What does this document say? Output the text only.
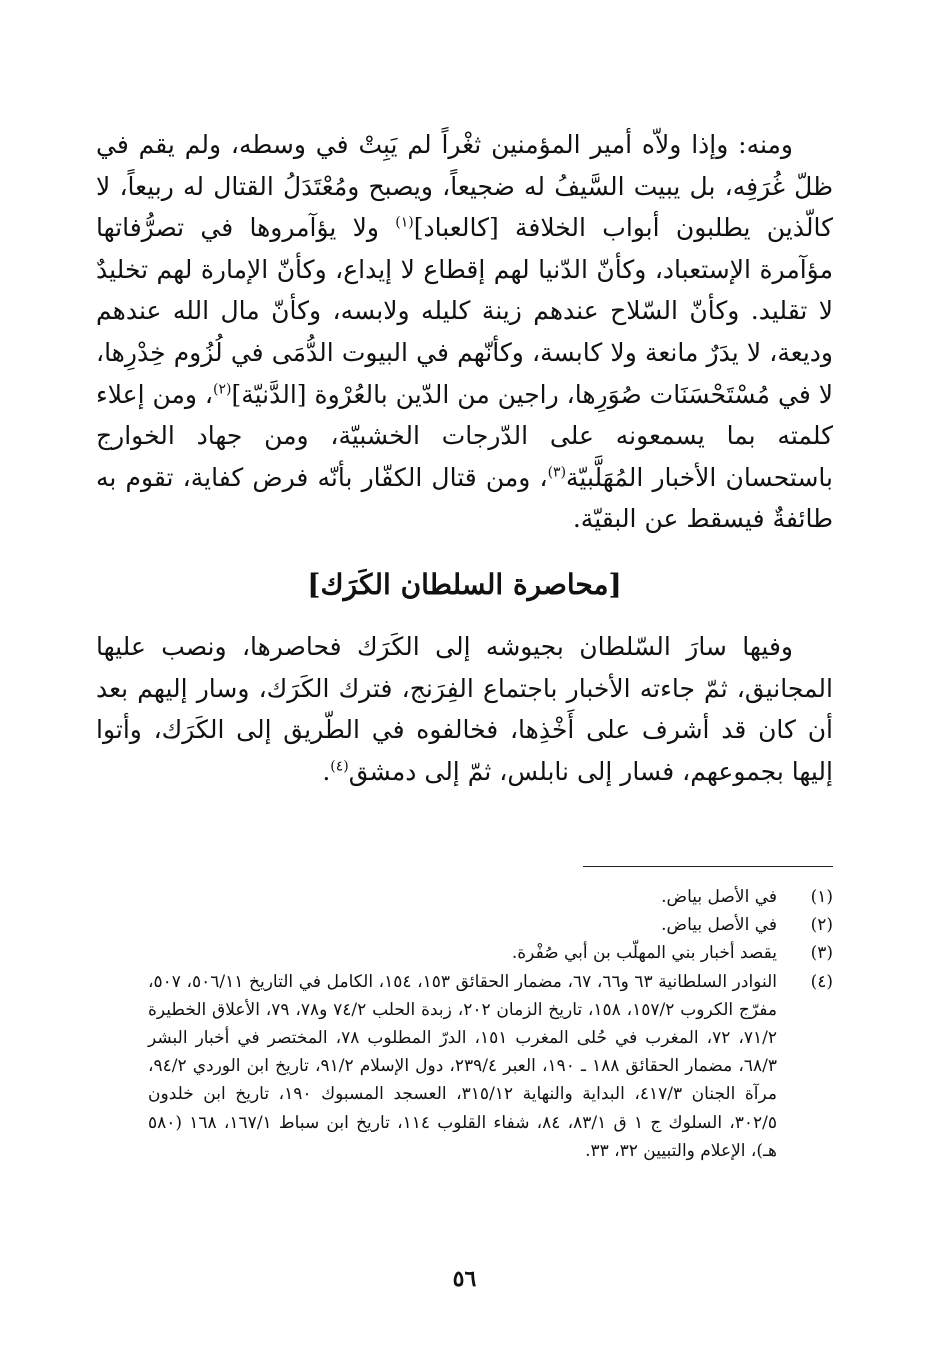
ومنه: وإذا ولاّه أمير المؤمنين ثغْراً لم يَبِتْ في وسطه، ولم يقم في ظلّ غُرَفِه، بل يبيت السَّيفُ له ضجيعاً، ويصبح ومُعْتَدَلُ القتال له ربيعاً، لا كالّذين يطلبون أبواب الخلافة [كالعباد]$^{(١)}$ ولا يؤآمروها في تصرُّفاتها مؤآمرة الإستعباد، وكأنّ الدّنيا لهم إقطاع لا إيداع، وكأنّ الإمارة لهم تخليدٌ لا تقليد. وكأنّ السّلاح عندهم زينة كليله ولابسه، وكأنّ مال الله عندهم وديعة، لا يدَرٌ مانعة ولا كابسة، وكأنّهم في البيوت الدُّمَى في لُزُوم خِدْرِها، لا في مُسْتَحْسَنَات صُوَرِها، راجين من الدّين بالعُرْوة [الدَّنيّة]$^{(٢)}$، ومن إعلاء كلمته بما يسمعونه على الدّرجات الخشبيّة، ومن جهاد الخوارج باستحسان الأخبار المُهَلَّبيّة$^{(٣)}$، ومن قتال الكفّار بأنّه فرض كفاية، تقوم به طائفةٌ فيسقط عن البقيّة.

[محاصرة السلطان الكَرَك]

وفيها سارَ السّلطان بجيوشه إلى الكَرَك فحاصرها، ونصب عليها المجانيق، ثمّ جاءته الأخبار باجتماع الفِرَنج، فترك الكَرَك، وسار إليهم بعد أن كان قد أشرف على أَخْذِها، فخالفوه في الطّريق إلى الكَرَك، وأتوا إليها بجموعهم، فسار إلى نابلس، ثمّ إلى دمشق$^{(٤)}$.

(١)
في الأصل بياض.
(٢)
في الأصل بياض.
(٣)
يقصد أخبار بني المهلّب بن أبي صُفْرة.
(٤)
النوادر السلطانية ٦٣ و٦٦، ٦٧، مضمار الحقائق ١٥٣، ١٥٤، الكامل في التاريخ ٥٠٦/١١، ٥٠٧، مفرّج الكروب ١٥٧/٢، ١٥٨، تاريخ الزمان ٢٠٢، زبدة الحلب ٧٤/٢ و٧٨، ٧٩، الأعلاق الخطيرة ٧١/٢، ٧٢، المغرب في حُلى المغرب ١٥١، الدرّ المطلوب ٧٨، المختصر في أخبار البشر ٦٨/٣، مضمار الحقائق ١٨٨ ـ ١٩٠، العبر ٢٣٩/٤، دول الإسلام ٩١/٢، تاريخ ابن الوردي ٩٤/٢، مرآة الجنان ٤١٧/٣، البداية والنهاية ٣١٥/١٢، العسجد المسبوك ١٩٠، تاريخ ابن خلدون ٣٠٢/٥، السلوك ج ١ ق ٨٣/١، ٨٤، شفاء القلوب ١١٤، تاريخ ابن سباط ١٦٧/١، ١٦٨ (٥٨٠ هـ)، الإعلام والتبيين ٣٢، ٣٣.
٥٦
